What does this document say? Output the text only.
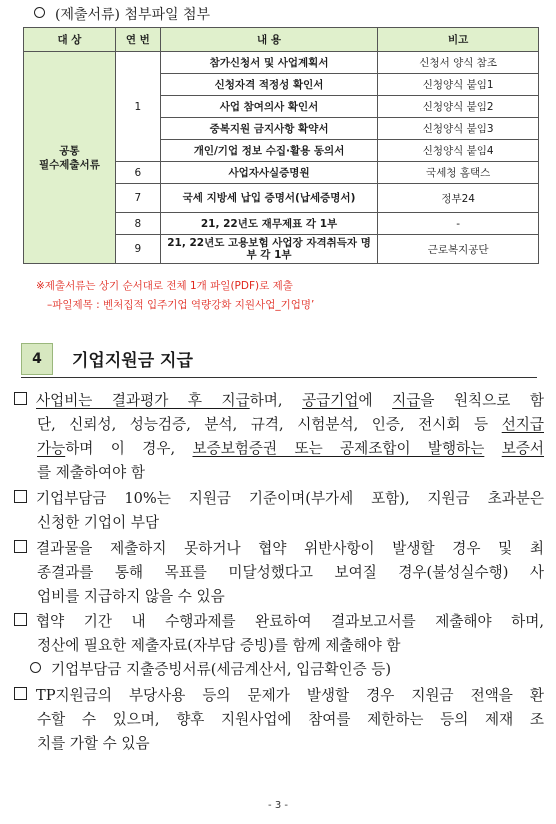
(제출서류) 첨부파일 첨부
대 상	연 번	내 용	비고
공통
필수제출서류	1	참가신청서 및 사업계획서	신청서 양식 참조
		신청자격 적정성 확인서	신청양식 붙임1
		사업 참여의사 확인서	신청양식 붙임2
		중복지원 금지사항 확약서	신청양식 붙임3
		개인/기업 정보 수집·활용 동의서	신청양식 붙임4
	6	사업자사실증명원	국세청 홈택스
	7	국세 지방세 납입 증명서(납세증명서)	정부24
	8	21, 22년도 재무제표 각 1부	-
	9	21, 22년도 고용보험 사업장 자격취득자 명부 각 1부	근로복지공단
※제출서류는 상기 순서대로 전체 1개 파일(PDF)로 제출
–파일제목 : 벤처집적 입주기업 역량강화 지원사업_기업명’
4	기업지원금 지급
사업비는 결과평가 후 지급하며, 공급기업에 지급을 원칙으로 함
단, 신뢰성, 성능검증, 분석, 규격, 시험분석, 인증, 전시회 등 선지급
가능하며 이 경우, 보증보험증권 또는 공제조합이 발행하는 보증서
를 제출하여야 함
기업부담금 10%는 지원금 기준이며(부가세 포함), 지원금 초과분은
신청한 기업이 부담
결과물을 제출하지 못하거나 협약 위반사항이 발생할 경우 및 최
종결과를 통해 목표를 미달성했다고 보여질 경우(불성실수행) 사
업비를 지급하지 않을 수 있음
협약 기간 내 수행과제를 완료하여 결과보고서를 제출해야 하며,
정산에 필요한 제출자료(자부담 증빙)를 함께 제출해야 함
기업부담금 지출증빙서류(세금계산서, 입금확인증 등)
TP지원금의 부당사용 등의 문제가 발생할 경우 지원금 전액을 환
수할 수 있으며, 향후 지원사업에 참여를 제한하는 등의 제재 조
치를 가할 수 있음
- 3 -
